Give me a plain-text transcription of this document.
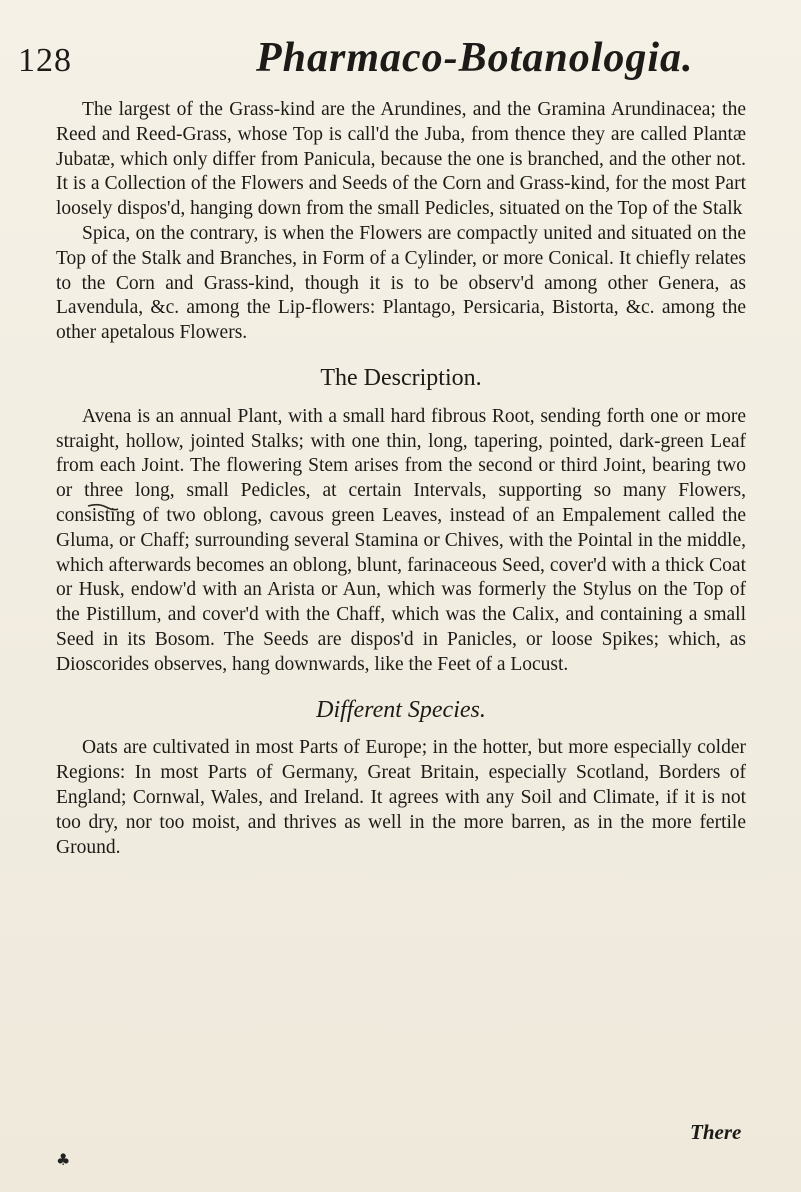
128	Pharmaco-Botanologia.

The largest of the Grass-kind are the Arundines, and the Gramina Arundinacea; the Reed and Reed-Grass, whose Top is call'd the Juba, from thence they are called Plantæ Jubatæ, which only differ from Panicula, because the one is branched, and the other not. It is a Collection of the Flowers and Seeds of the Corn and Grass-kind, for the most Part loosely dispos'd, hanging down from the small Pedicles, situated on the Top of the Stalk

Spica, on the contrary, is when the Flowers are compactly united and situated on the Top of the Stalk and Branches, in Form of a Cylinder, or more Conical. It chiefly relates to the Corn and Grass-kind, though it is to be observ'd among other Genera, as Lavendula, &c. among the Lip-flowers: Plantago, Persicaria, Bistorta, &c. among the other apetalous Flowers.

The Description.

Avena is an annual Plant, with a small hard fibrous Root, sending forth one or more straight, hollow, jointed Stalks; with one thin, long, tapering, pointed, dark-green Leaf from each Joint. The flowering Stem arises from the second or third Joint, bearing two or three long, small Pedicles, at certain Intervals, supporting so many Flowers, consisting of two oblong, cavous green Leaves, instead of an Empalement called the Gluma, or Chaff; surrounding several Stamina or Chives, with the Pointal in the middle, which afterwards becomes an oblong, blunt, farinaceous Seed, cover'd with a thick Coat or Husk, endow'd with an Arista or Aun, which was formerly the Stylus on the Top of the Pistillum, and cover'd with the Chaff, which was the Calix, and containing a small Seed in its Bosom. The Seeds are dispos'd in Panicles, or loose Spikes; which, as Dioscorides observes, hang downwards, like the Feet of a Locust.

Different Species.

Oats are cultivated in most Parts of Europe; in the hotter, but more especially colder Regions: In most Parts of Germany, Great Britain, especially Scotland, Borders of England; Cornwal, Wales, and Ireland. It agrees with any Soil and Climate, if it is not too dry, nor too moist, and thrives as well in the more barren, as in the more fertile Ground.

There
♣
